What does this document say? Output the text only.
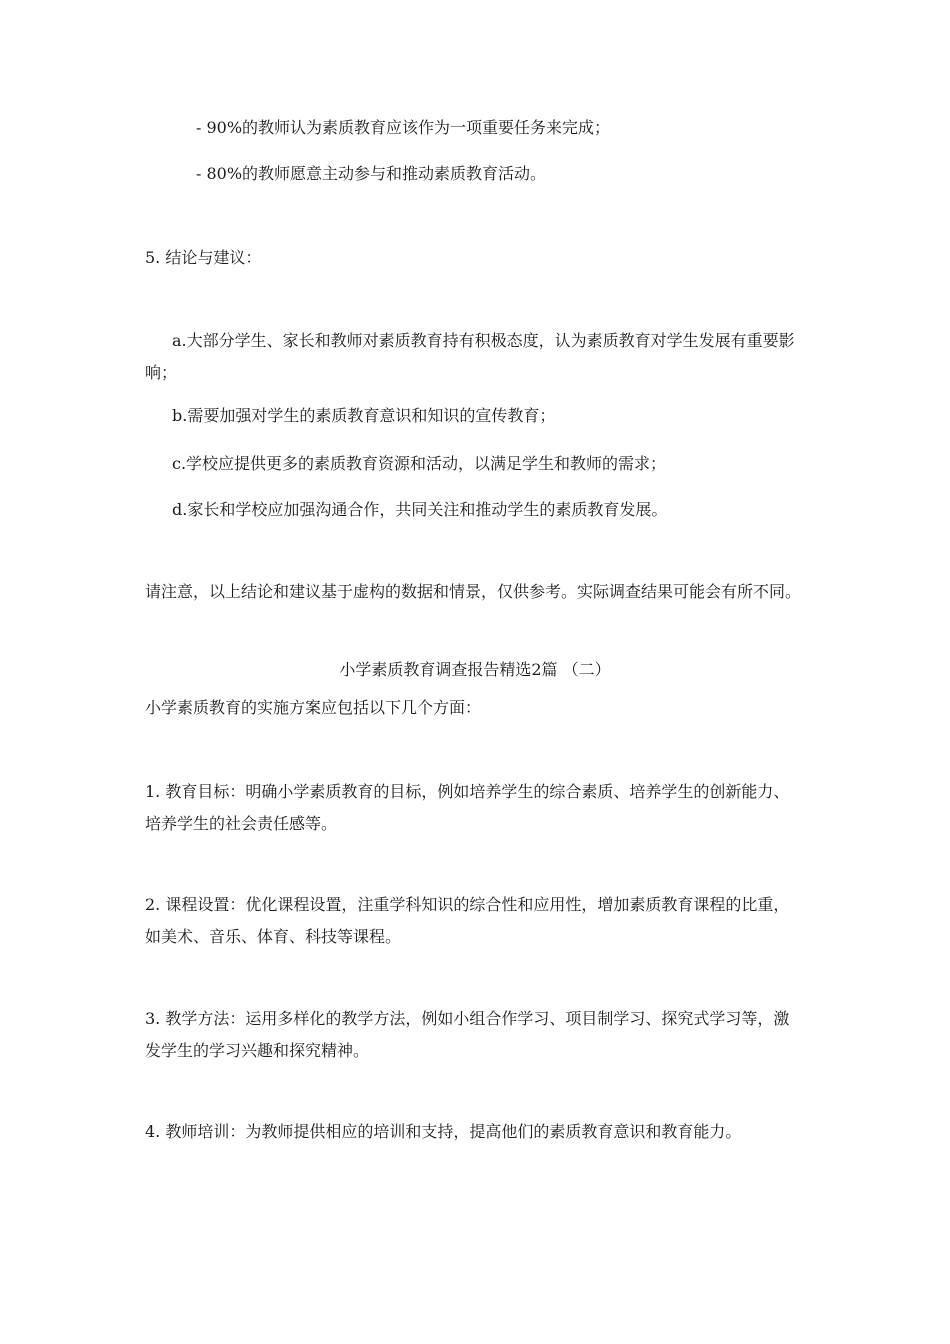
- 90%的教师认为素质教育应该作为一项重要任务来完成；

- 80%的教师愿意主动参与和推动素质教育活动。

5. 结论与建议：

a.大部分学生、家长和教师对素质教育持有积极态度，认为素质教育对学生发展有重要影响；

b.需要加强对学生的素质教育意识和知识的宣传教育；

c.学校应提供更多的素质教育资源和活动，以满足学生和教师的需求；

d.家长和学校应加强沟通合作，共同关注和推动学生的素质教育发展。

请注意，以上结论和建议基于虚构的数据和情景，仅供参考。实际调查结果可能会有所不同。

小学素质教育调查报告精选2篇 （二）

小学素质教育的实施方案应包括以下几个方面：

1. 教育目标：明确小学素质教育的目标，例如培养学生的综合素质、培养学生的创新能力、培养学生的社会责任感等。

2. 课程设置：优化课程设置，注重学科知识的综合性和应用性，增加素质教育课程的比重，如美术、音乐、体育、科技等课程。

3. 教学方法：运用多样化的教学方法，例如小组合作学习、项目制学习、探究式学习等，激发学生的学习兴趣和探究精神。

4. 教师培训：为教师提供相应的培训和支持，提高他们的素质教育意识和教育能力。
